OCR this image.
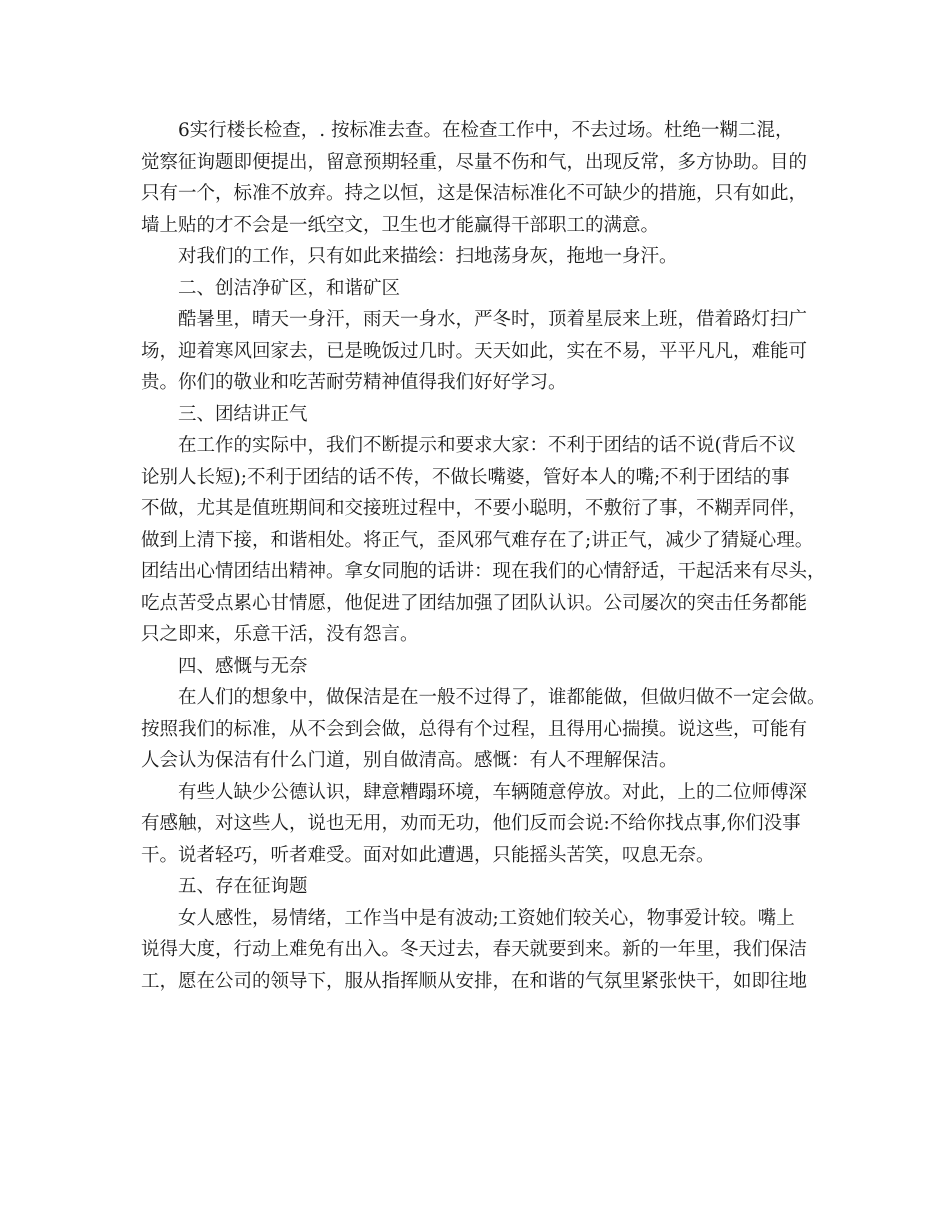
6实行楼长检查，. 按标准去查。在检查工作中，不去过场。杜绝一糊二混，
觉察征询题即便提出，留意预期轻重，尽量不伤和气，出现反常，多方协助。目的
只有一个，标准不放弃。持之以恒，这是保洁标准化不可缺少的措施，只有如此，
墙上贴的才不会是一纸空文，卫生也才能赢得干部职工的满意。
对我们的工作，只有如此来描绘：扫地荡身灰，拖地一身汗。
二、创洁净矿区，和谐矿区
酷暑里，晴天一身汗，雨天一身水，严冬时，顶着星辰来上班，借着路灯扫广
场，迎着寒风回家去，已是晚饭过几时。天天如此，实在不易，平平凡凡，难能可
贵。你们的敬业和吃苦耐劳精神值得我们好好学习。
三、团结讲正气
在工作的实际中，我们不断提示和要求大家：不利于团结的话不说(背后不议
论别人长短);不利于团结的话不传，不做长嘴婆，管好本人的嘴;不利于团结的事
不做，尤其是值班期间和交接班过程中，不要小聪明，不敷衍了事，不糊弄同伴，
做到上清下接，和谐相处。将正气，歪风邪气难存在了;讲正气，减少了猜疑心理。
团结出心情团结出精神。拿女同胞的话讲：现在我们的心情舒适，干起活来有尽头，
吃点苦受点累心甘情愿，他促进了团结加强了团队认识。公司屡次的突击任务都能
只之即来，乐意干活，没有怨言。
四、感慨与无奈
在人们的想象中，做保洁是在一般不过得了，谁都能做，但做归做不一定会做。
按照我们的标准，从不会到会做，总得有个过程，且得用心揣摸。说这些，可能有
人会认为保洁有什么门道，别自做清高。感慨：有人不理解保洁。
有些人缺少公德认识，肆意糟蹋环境，车辆随意停放。对此，上的二位师傅深
有感触，对这些人，说也无用，劝而无功，他们反而会说:不给你找点事,你们没事
干。说者轻巧，听者难受。面对如此遭遇，只能摇头苦笑，叹息无奈。
五、存在征询题
女人感性，易情绪，工作当中是有波动;工资她们较关心，物事爱计较。嘴上
说得大度，行动上难免有出入。冬天过去，春天就要到来。新的一年里，我们保洁
工，愿在公司的领导下，服从指挥顺从安排，在和谐的气氛里紧张快干，如即往地
